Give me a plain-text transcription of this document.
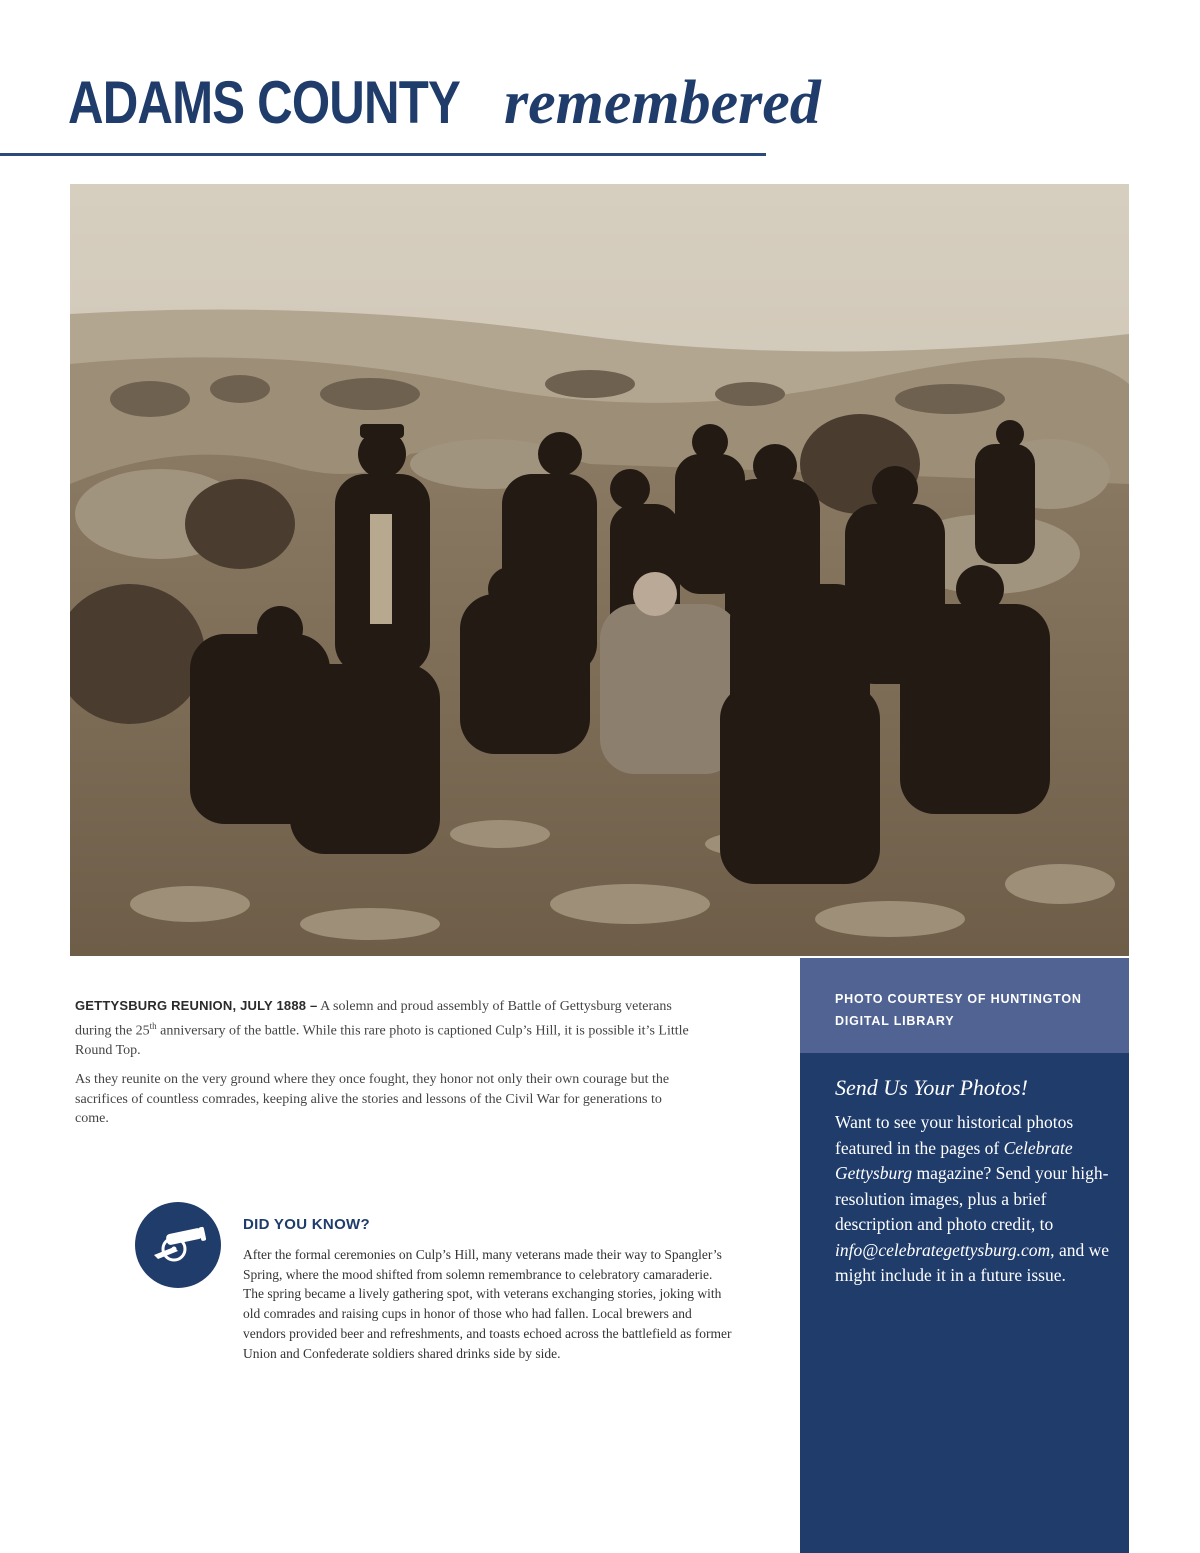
ADAMS COUNTY remembered

GETTYSBURG REUNION, JULY 1888 – A solemn and proud assembly of Battle of Gettysburg veterans during the 25th anniversary of the battle. While this rare photo is captioned Culp’s Hill, it is possible it’s Little Round Top.

As they reunite on the very ground where they once fought, they honor not only their own courage but the sacrifices of countless comrades, keeping alive the stories and lessons of the Civil War for generations to come.

PHOTO COURTESY OF HUNTINGTON DIGITAL LIBRARY
Send Us Your Photos!
Want to see your historical photos featured in the pages of Celebrate Gettysburg magazine? Send your high-resolution images, plus a brief description and photo credit, to info@celebrategettysburg.com, and we might include it in a future issue.
DID YOU KNOW?
After the formal ceremonies on Culp’s Hill, many veterans made their way to Spangler’s Spring, where the mood shifted from solemn remembrance to celebratory camaraderie. The spring became a lively gathering spot, with veterans exchanging stories, joking with old comrades and raising cups in honor of those who had fallen. Local brewers and vendors provided beer and refreshments, and toasts echoed across the battlefield as former Union and Confederate soldiers shared drinks side by side.
